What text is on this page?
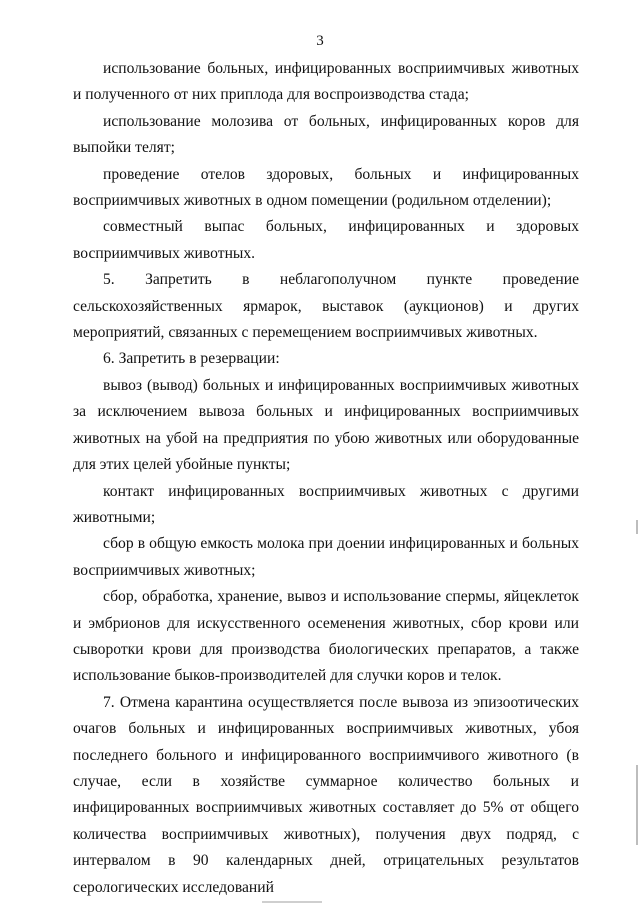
3

использование больных, инфицированных восприимчивых животных и полученного от них приплода для воспроизводства стада;

использование молозива от больных, инфицированных коров для выпойки телят;

проведение отелов здоровых, больных и инфицированных восприимчивых животных в одном помещении (родильном отделении);

совместный выпас больных, инфицированных и здоровых восприимчивых животных.

5. Запретить в неблагополучном пункте проведение сельскохозяйственных ярмарок, выставок (аукционов) и других мероприятий, связанных с перемещением восприимчивых животных.

6. Запретить в резервации:

вывоз (вывод) больных и инфицированных восприимчивых животных за исключением вывоза больных и инфицированных восприимчивых животных на убой на предприятия по убою животных или оборудованные для этих целей убойные пункты;

контакт инфицированных восприимчивых животных с другими животными;

сбор в общую емкость молока при доении инфицированных и больных восприимчивых животных;

сбор, обработка, хранение, вывоз и использование спермы, яйцеклеток и эмбрионов для искусственного осеменения животных, сбор крови или сыворотки крови для производства биологических препаратов, а также использование быков-производителей для случки коров и телок.

7. Отмена карантина осуществляется после вывоза из эпизоотических очагов больных и инфицированных восприимчивых животных, убоя последнего больного и инфицированного восприимчивого животного (в случае, если в хозяйстве суммарное количество больных и инфицированных восприимчивых животных составляет до 5% от общего количества восприимчивых животных), получения двух подряд, с интервалом в 90 календарных дней, отрицательных результатов серологических исследований
